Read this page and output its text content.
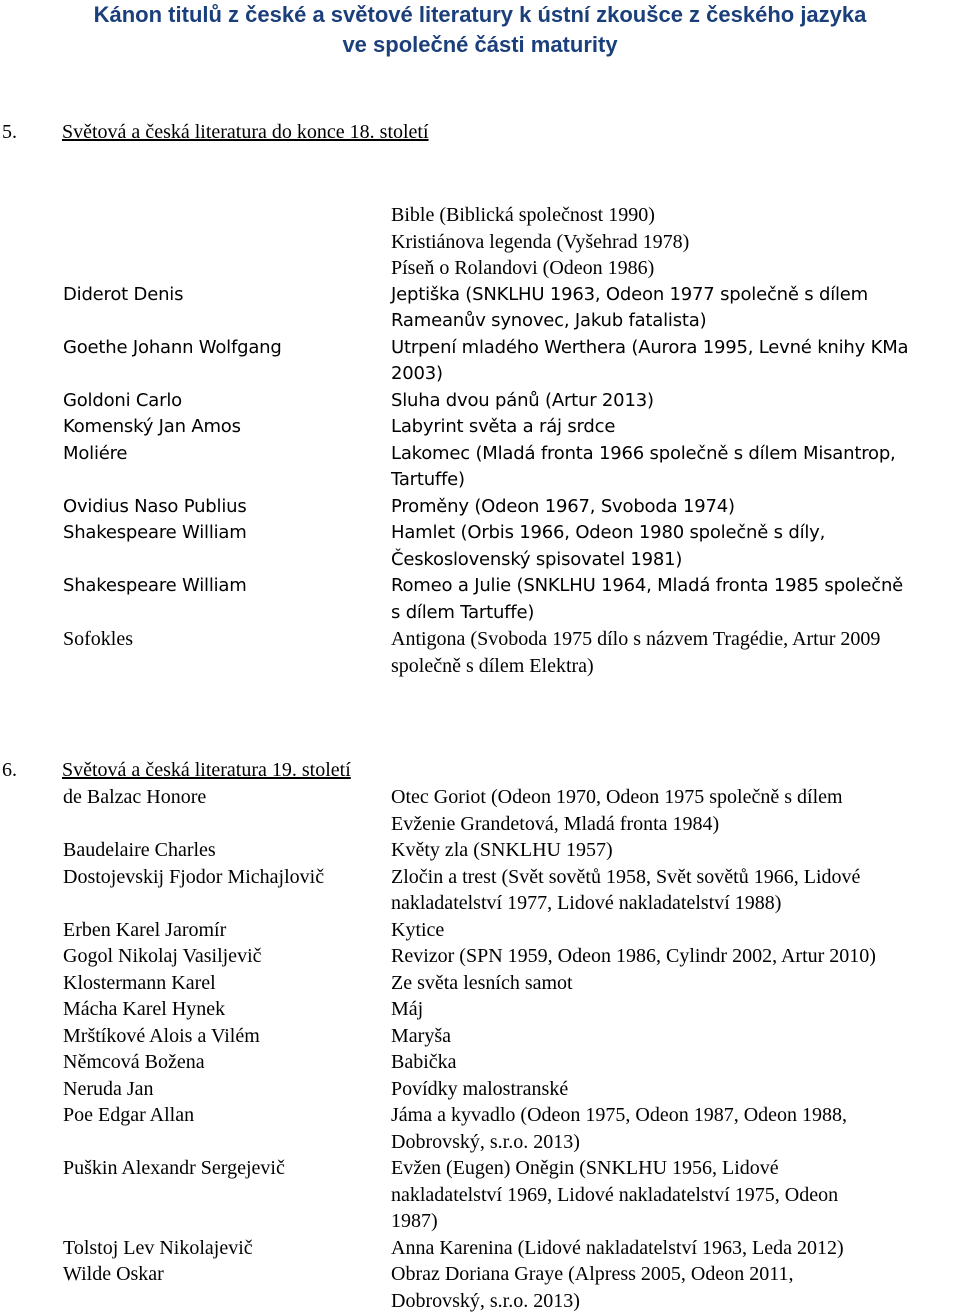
Kánon titulů z české a světové literatury k ústní zkoušce z českého jazyka
ve společné části maturity
5. Světová a česká literatura do konce 18. století
Bible (Biblická společnost 1990)
Kristiánova legenda (Vyšehrad 1978)
Píseň o Rolandovi (Odeon 1986)
Diderot Denis	Jeptiška (SNKLHU 1963, Odeon 1977 společně s dílem
Rameanův synovec, Jakub fatalista)
Goethe Johann Wolfgang	Utrpení mladého Werthera (Aurora 1995, Levné knihy KMa
2003)
Goldoni Carlo	Sluha dvou pánů (Artur 2013)
Komenský Jan Amos	Labyrint světa a ráj srdce
Moliére	Lakomec (Mladá fronta 1966 společně s dílem Misantrop,
Tartuffe)
Ovidius Naso Publius	Proměny (Odeon 1967, Svoboda 1974)
Shakespeare William	Hamlet (Orbis 1966, Odeon 1980 společně s díly,
Československý spisovatel 1981)
Shakespeare William	Romeo a Julie (SNKLHU 1964, Mladá fronta 1985 společně
s dílem Tartuffe)
Sofokles	Antigona (Svoboda 1975 dílo s názvem Tragédie, Artur 2009
společně s dílem Elektra)
6. Světová a česká literatura 19. století
de Balzac Honore	Otec Goriot (Odeon 1970, Odeon 1975 společně s dílem
Evženie Grandetová, Mladá fronta 1984)
Baudelaire Charles	Květy zla (SNKLHU 1957)
Dostojevskij Fjodor Michajlovič	Zločin a trest (Svět sovětů 1958, Svět sovětů 1966, Lidové
nakladatelství 1977, Lidové nakladatelství 1988)
Erben Karel Jaromír	Kytice
Gogol Nikolaj Vasiljevič	Revizor (SPN 1959, Odeon 1986, Cylindr 2002, Artur 2010)
Klostermann Karel	Ze světa lesních samot
Mácha Karel Hynek	Máj
Mrštíkové Alois a Vilém	Maryša
Němcová Božena	Babička
Neruda Jan	Povídky malostranské
Poe Edgar Allan	Jáma a kyvadlo (Odeon 1975, Odeon 1987, Odeon 1988,
Dobrovský, s.r.o. 2013)
Puškin Alexandr Sergejevič	Evžen (Eugen) Oněgin (SNKLHU 1956, Lidové
nakladatelství 1969, Lidové nakladatelství 1975, Odeon
1987)
Tolstoj Lev Nikolajevič	Anna Karenina (Lidové nakladatelství 1963, Leda 2012)
Wilde Oskar	Obraz Doriana Graye (Alpress 2005, Odeon 2011,
Dobrovský, s.r.o. 2013)
